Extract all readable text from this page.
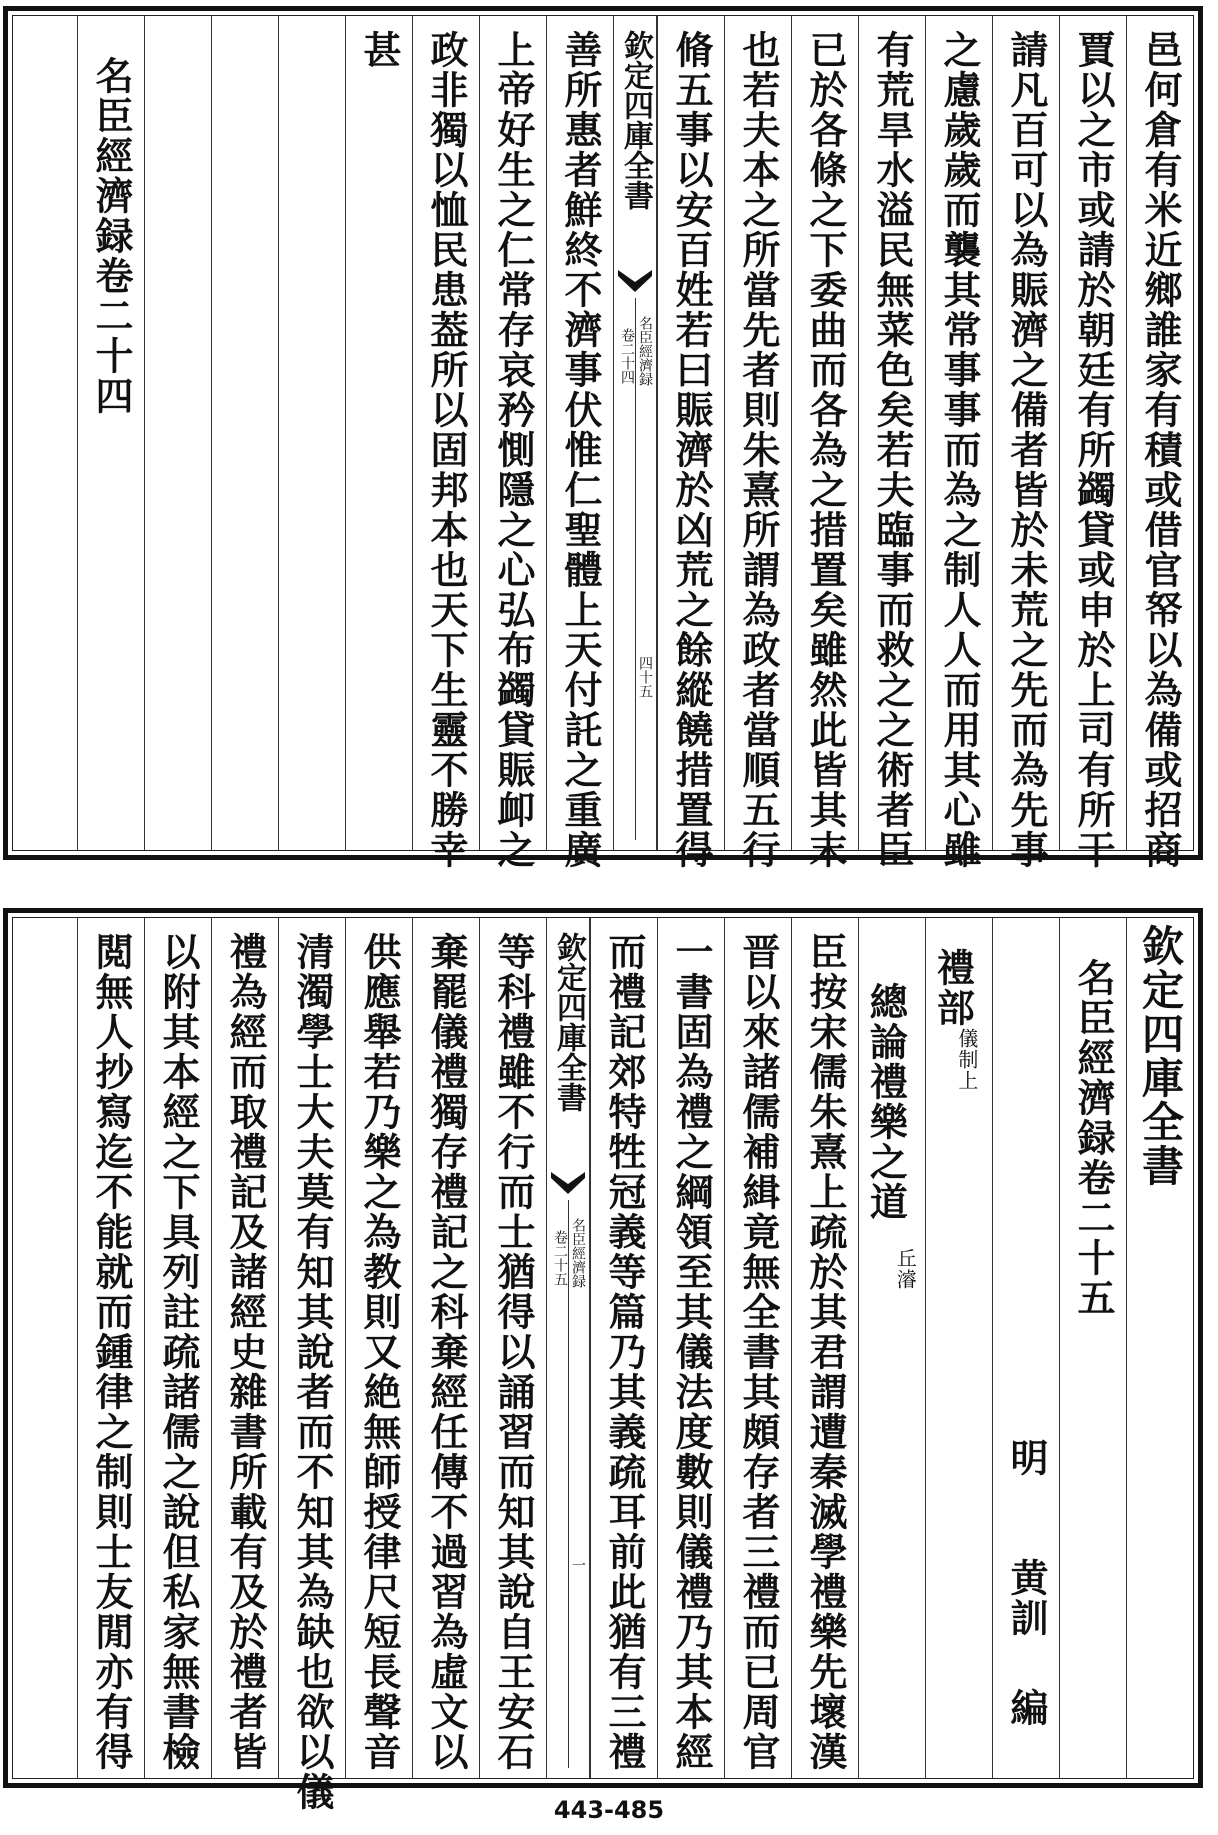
邑何倉有米近鄉誰家有積或借官帑以為備或招商
賈以之市或請於朝廷有所蠲貸或申於上司有所干
請凡百可以為賑濟之備者皆於未荒之先而為先事
之慮歲歲而襲其常事事而為之制人人而用其心雖
有荒旱水溢民無菜色矣若夫臨事而救之之術者臣
已於各條之下委曲而各為之措置矣雖然此皆其末
也若夫本之所當先者則朱熹所謂為政者當順五行
脩五事以安百姓若曰賑濟於凶荒之餘縱饒措置得
欽定四庫全書
名臣經濟録
卷二十四
四十五
善所惠者鮮終不濟事伏惟仁聖體上天付託之重廣
上帝好生之仁常存哀矜惻隱之心弘布蠲貸賑卹之
政非獨以恤民患葢所以固邦本也天下生靈不勝幸
甚
名臣經濟録卷二十四
欽定四庫全書
名臣經濟録卷二十五
明
黄訓
編
禮部
儀制上
總論禮樂之道
丘濬
臣按宋儒朱熹上疏於其君謂遭秦滅學禮樂先壞漢
晋以來諸儒補緝竟無全書其頗存者三禮而已周官
一書固為禮之綱領至其儀法度數則儀禮乃其本經
而禮記郊特牲冠義等篇乃其義疏耳前此猶有三禮
欽定四庫全書
名臣經濟録
卷二十五
一
等科禮雖不行而士猶得以誦習而知其說自王安石
棄罷儀禮獨存禮記之科棄經任傳不過習為虛文以
供應舉若乃樂之為教則又絶無師授律尺短長聲音
清濁學士大夫莫有知其說者而不知其為缺也欲以儀
禮為經而取禮記及諸經史雜書所載有及於禮者皆
以附其本經之下具列註疏諸儒之說但私家無書檢
閲無人抄寫迄不能就而鍾律之制則士友閒亦有得
443-485
